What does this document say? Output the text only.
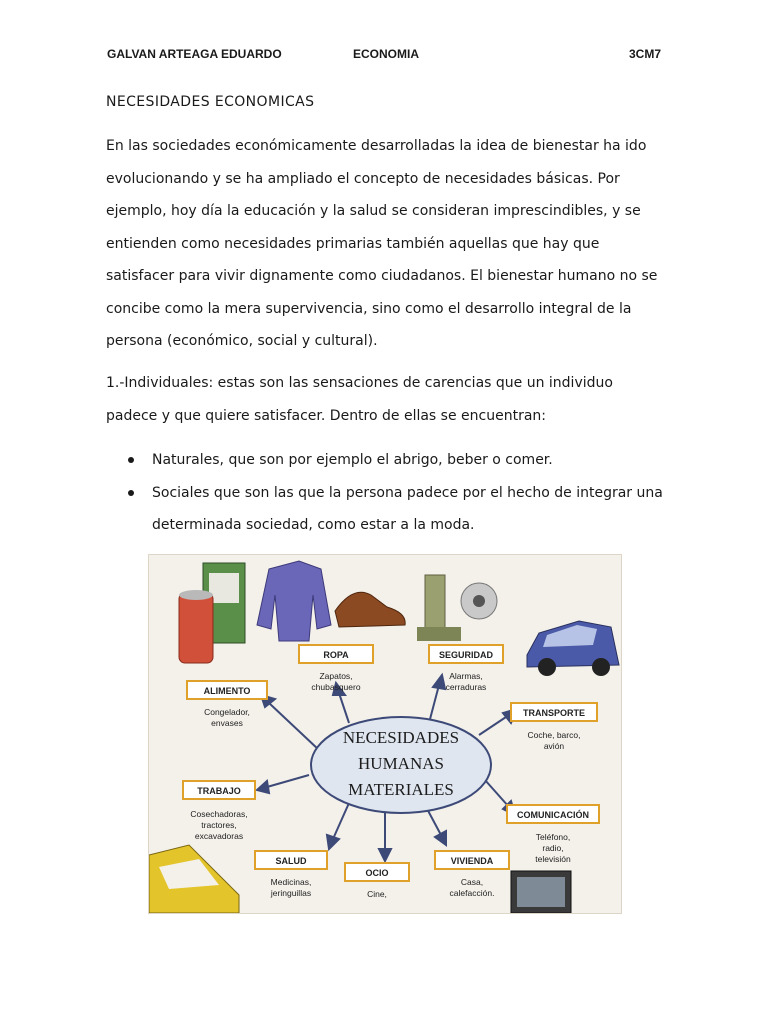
GALVAN ARTEAGA EDUARDO	ECONOMIA	3CM7
NECESIDADES ECONOMICAS

En las sociedades económicamente desarrolladas la idea de bienestar ha ido evolucionando y se ha ampliado el concepto de necesidades básicas. Por ejemplo, hoy día la educación y la salud se consideran imprescindibles, y se entienden como necesidades primarias también aquellas que hay que satisfacer para vivir dignamente como ciudadanos. El bienestar humano no se concibe como la mera supervivencia, sino como el desarrollo integral de la persona (económico, social y cultural).

1.-Individuales: estas son las sensaciones de carencias que un individuo padece y que quiere satisfacer. Dentro de ellas se encuentran:

Naturales, que son por ejemplo el abrigo, beber o comer.
Sociales que son las que la persona padece por el hecho de integrar una determinada sociedad, como estar a la moda.
NECESIDADES
HUMANAS
MATERIALES
ALIMENTO
Congelador,
envases
ROPA
Zapatos,
chubasquero
SEGURIDAD
Alarmas,
cerraduras
TRANSPORTE
Coche, barco,
avión
TRABAJO
Cosechadoras,
tractores,
excavadoras
COMUNICACIÓN
Teléfono,
radio,
televisión
SALUD
Medicinas,
jeringuillas
OCIO
Cine,
VIVIENDA
Casa,
calefacción.
